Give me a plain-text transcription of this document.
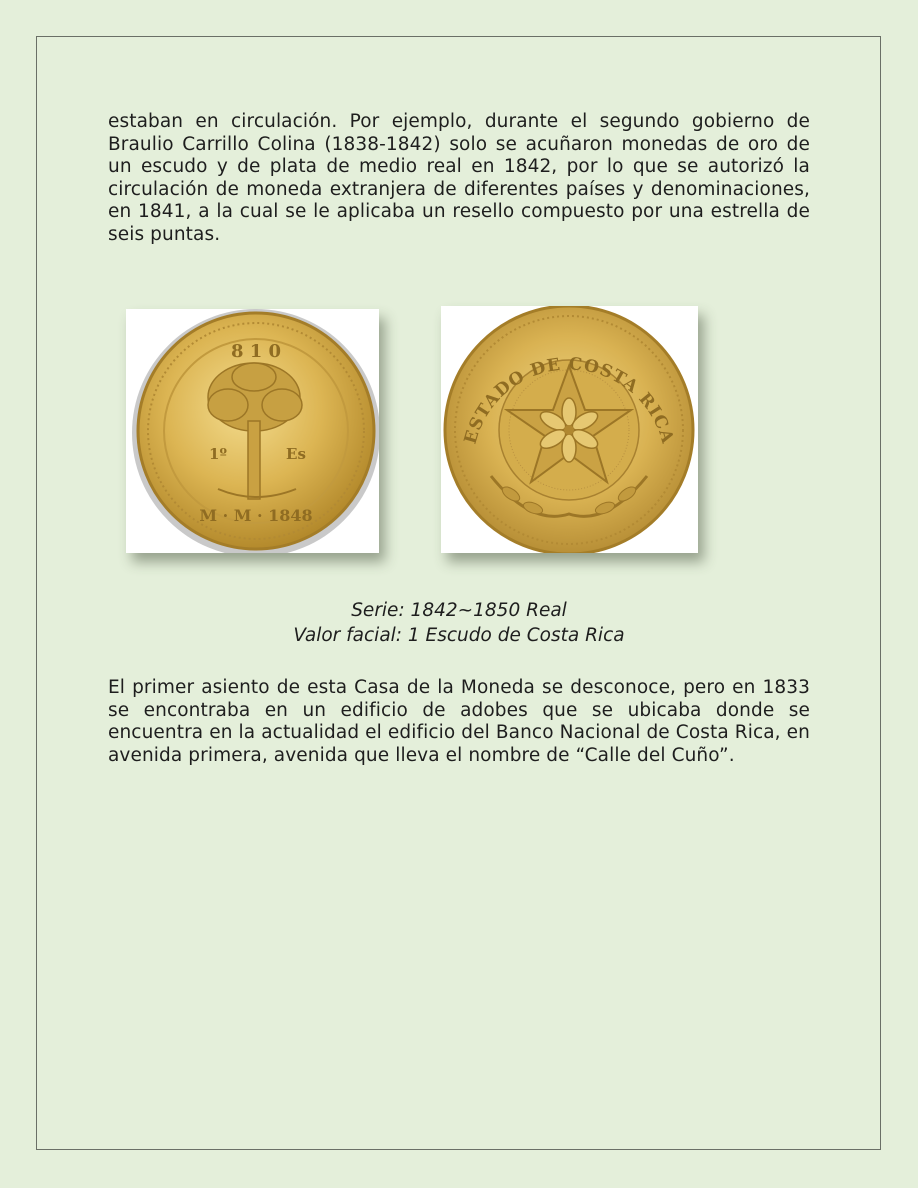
estaban en circulación. Por ejemplo, durante el segundo gobierno de Braulio Carrillo Colina (1838-1842) solo se acuñaron monedas de oro de un escudo y de plata de medio real en 1842, por lo que se autorizó la circulación de moneda extranjera de diferentes países y denominaciones, en 1841, a la cual se le aplicaba un resello compuesto por una estrella de seis puntas.

8 1 0
1º	Es
M · M · 1848
ESTADO DE COSTA RICA
Serie: 1842~1850 Real
Valor facial: 1 Escudo de Costa Rica

El primer asiento de esta Casa de la Moneda se desconoce, pero en 1833 se encontraba en un edificio de adobes que se ubicaba donde se encuentra en la actualidad el edificio del Banco Nacional de Costa Rica, en avenida primera, avenida que lleva el nombre de “Calle del Cuño”.
